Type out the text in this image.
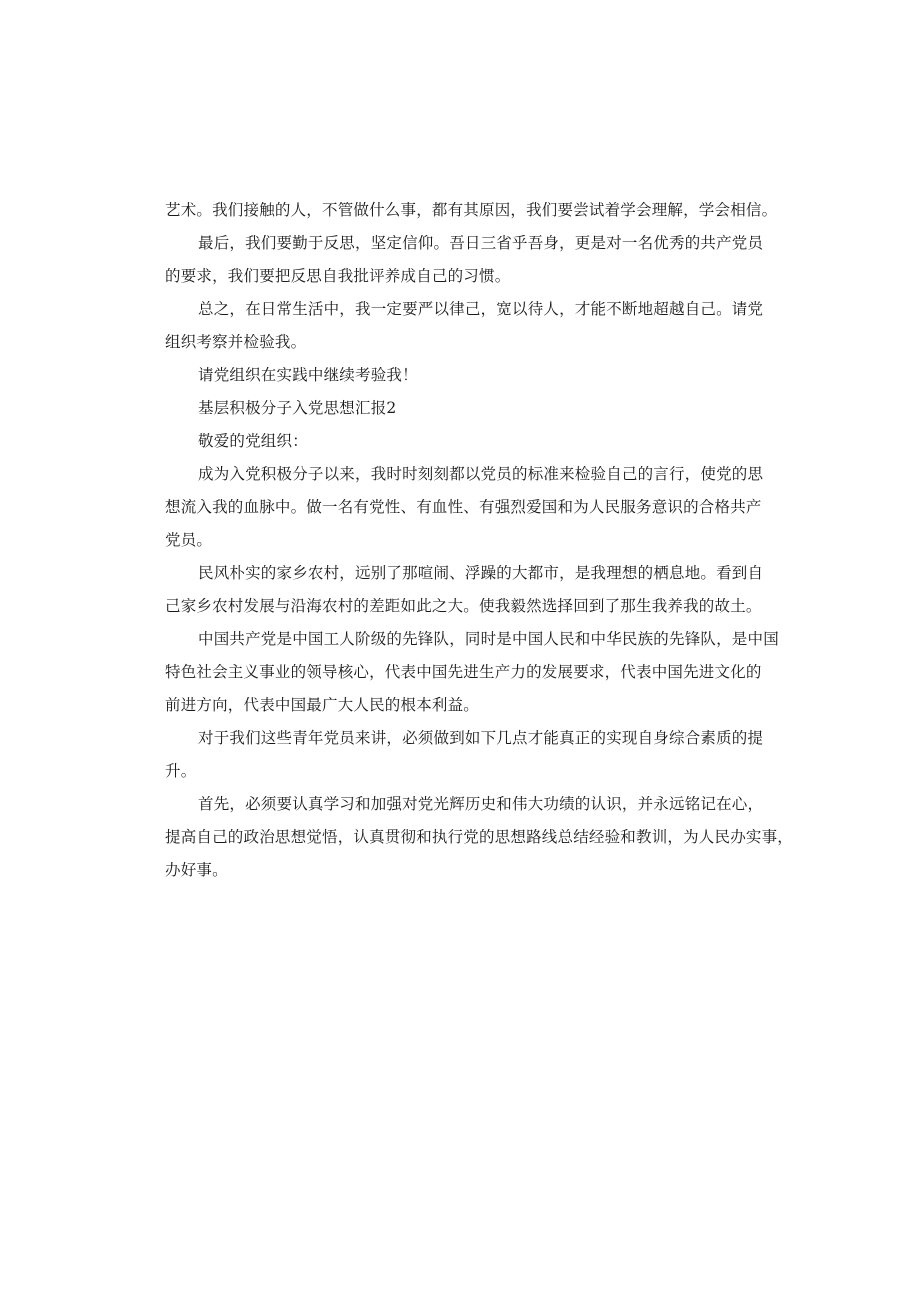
艺术。我们接触的人，不管做什么事，都有其原因，我们要尝试着学会理解，学会相信。
最后，我们要勤于反思，坚定信仰。吾日三省乎吾身，更是对一名优秀的共产党员
的要求，我们要把反思自我批评养成自己的习惯。
总之，在日常生活中，我一定要严以律己，宽以待人，才能不断地超越自己。请党
组织考察并检验我。
请党组织在实践中继续考验我！
基层积极分子入党思想汇报2
敬爱的党组织：
成为入党积极分子以来，我时时刻刻都以党员的标准来检验自己的言行，使党的思
想流入我的血脉中。做一名有党性、有血性、有强烈爱国和为人民服务意识的合格共产
党员。
民风朴实的家乡农村，远别了那喧闹、浮躁的大都市，是我理想的栖息地。看到自
己家乡农村发展与沿海农村的差距如此之大。使我毅然选择回到了那生我养我的故土。
中国共产党是中国工人阶级的先锋队，同时是中国人民和中华民族的先锋队，是中国
特色社会主义事业的领导核心，代表中国先进生产力的发展要求，代表中国先进文化的
前进方向，代表中国最广大人民的根本利益。
对于我们这些青年党员来讲，必须做到如下几点才能真正的实现自身综合素质的提
升。
首先，必须要认真学习和加强对党光辉历史和伟大功绩的认识，并永远铭记在心，
提高自己的政治思想觉悟，认真贯彻和执行党的思想路线总结经验和教训，为人民办实事，
办好事。
